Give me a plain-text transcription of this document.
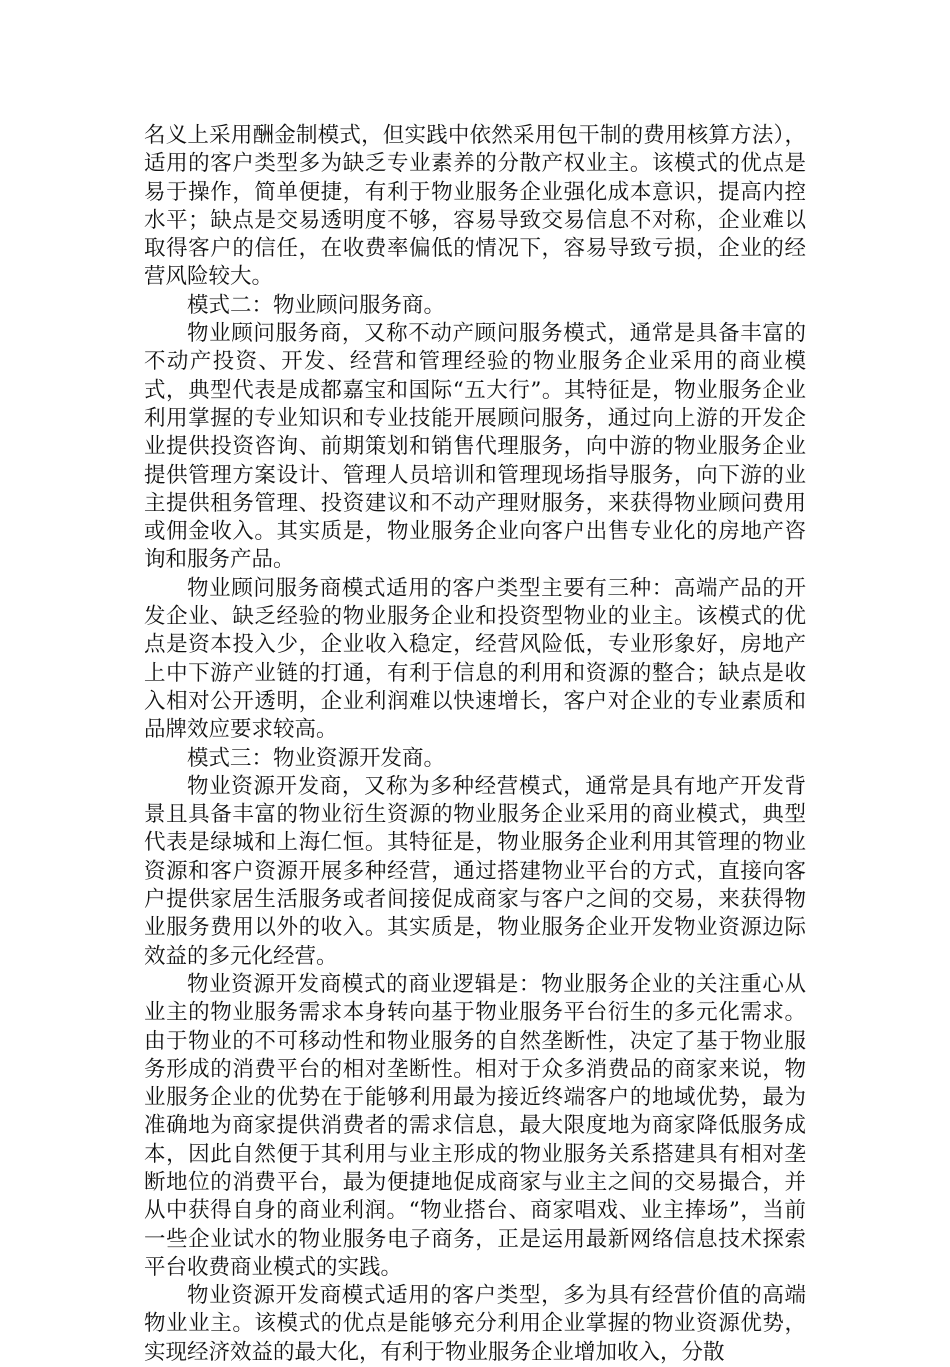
名义上采用酬金制模式，但实践中依然采用包干制的费用核算方法），适用的客户类型多为缺乏专业素养的分散产权业主。该模式的优点是易于操作，简单便捷，有利于物业服务企业强化成本意识，提高内控水平；缺点是交易透明度不够，容易导致交易信息不对称，企业难以取得客户的信任，在收费率偏低的情况下，容易导致亏损，企业的经营风险较大。

模式二：物业顾问服务商。

物业顾问服务商，又称不动产顾问服务模式，通常是具备丰富的不动产投资、开发、经营和管理经验的物业服务企业采用的商业模式，典型代表是成都嘉宝和国际“五大行”。其特征是，物业服务企业利用掌握的专业知识和专业技能开展顾问服务，通过向上游的开发企业提供投资咨询、前期策划和销售代理服务，向中游的物业服务企业提供管理方案设计、管理人员培训和管理现场指导服务，向下游的业主提供租务管理、投资建议和不动产理财服务，来获得物业顾问费用或佣金收入。其实质是，物业服务企业向客户出售专业化的房地产咨询和服务产品。

物业顾问服务商模式适用的客户类型主要有三种：高端产品的开发企业、缺乏经验的物业服务企业和投资型物业的业主。该模式的优点是资本投入少，企业收入稳定，经营风险低，专业形象好，房地产上中下游产业链的打通，有利于信息的利用和资源的整合；缺点是收入相对公开透明，企业利润难以快速增长，客户对企业的专业素质和品牌效应要求较高。

模式三：物业资源开发商。

物业资源开发商，又称为多种经营模式，通常是具有地产开发背景且具备丰富的物业衍生资源的物业服务企业采用的商业模式，典型代表是绿城和上海仁恒。其特征是，物业服务企业利用其管理的物业资源和客户资源开展多种经营，通过搭建物业平台的方式，直接向客户提供家居生活服务或者间接促成商家与客户之间的交易，来获得物业服务费用以外的收入。其实质是，物业服务企业开发物业资源边际效益的多元化经营。

物业资源开发商模式的商业逻辑是：物业服务企业的关注重心从业主的物业服务需求本身转向基于物业服务平台衍生的多元化需求。由于物业的不可移动性和物业服务的自然垄断性，决定了基于物业服务形成的消费平台的相对垄断性。相对于众多消费品的商家来说，物业服务企业的优势在于能够利用最为接近终端客户的地域优势，最为准确地为商家提供消费者的需求信息，最大限度地为商家降低服务成本，因此自然便于其利用与业主形成的物业服务关系搭建具有相对垄断地位的消费平台，最为便捷地促成商家与业主之间的交易撮合，并从中获得自身的商业利润。“物业搭台、商家唱戏、业主捧场”，当前一些企业试水的物业服务电子商务，正是运用最新网络信息技术探索平台收费商业模式的实践。

物业资源开发商模式适用的客户类型，多为具有经营价值的高端物业业主。该模式的优点是能够充分利用企业掌握的物业资源优势，实现经济效益的最大化，有利于物业服务企业增加收入，分散
